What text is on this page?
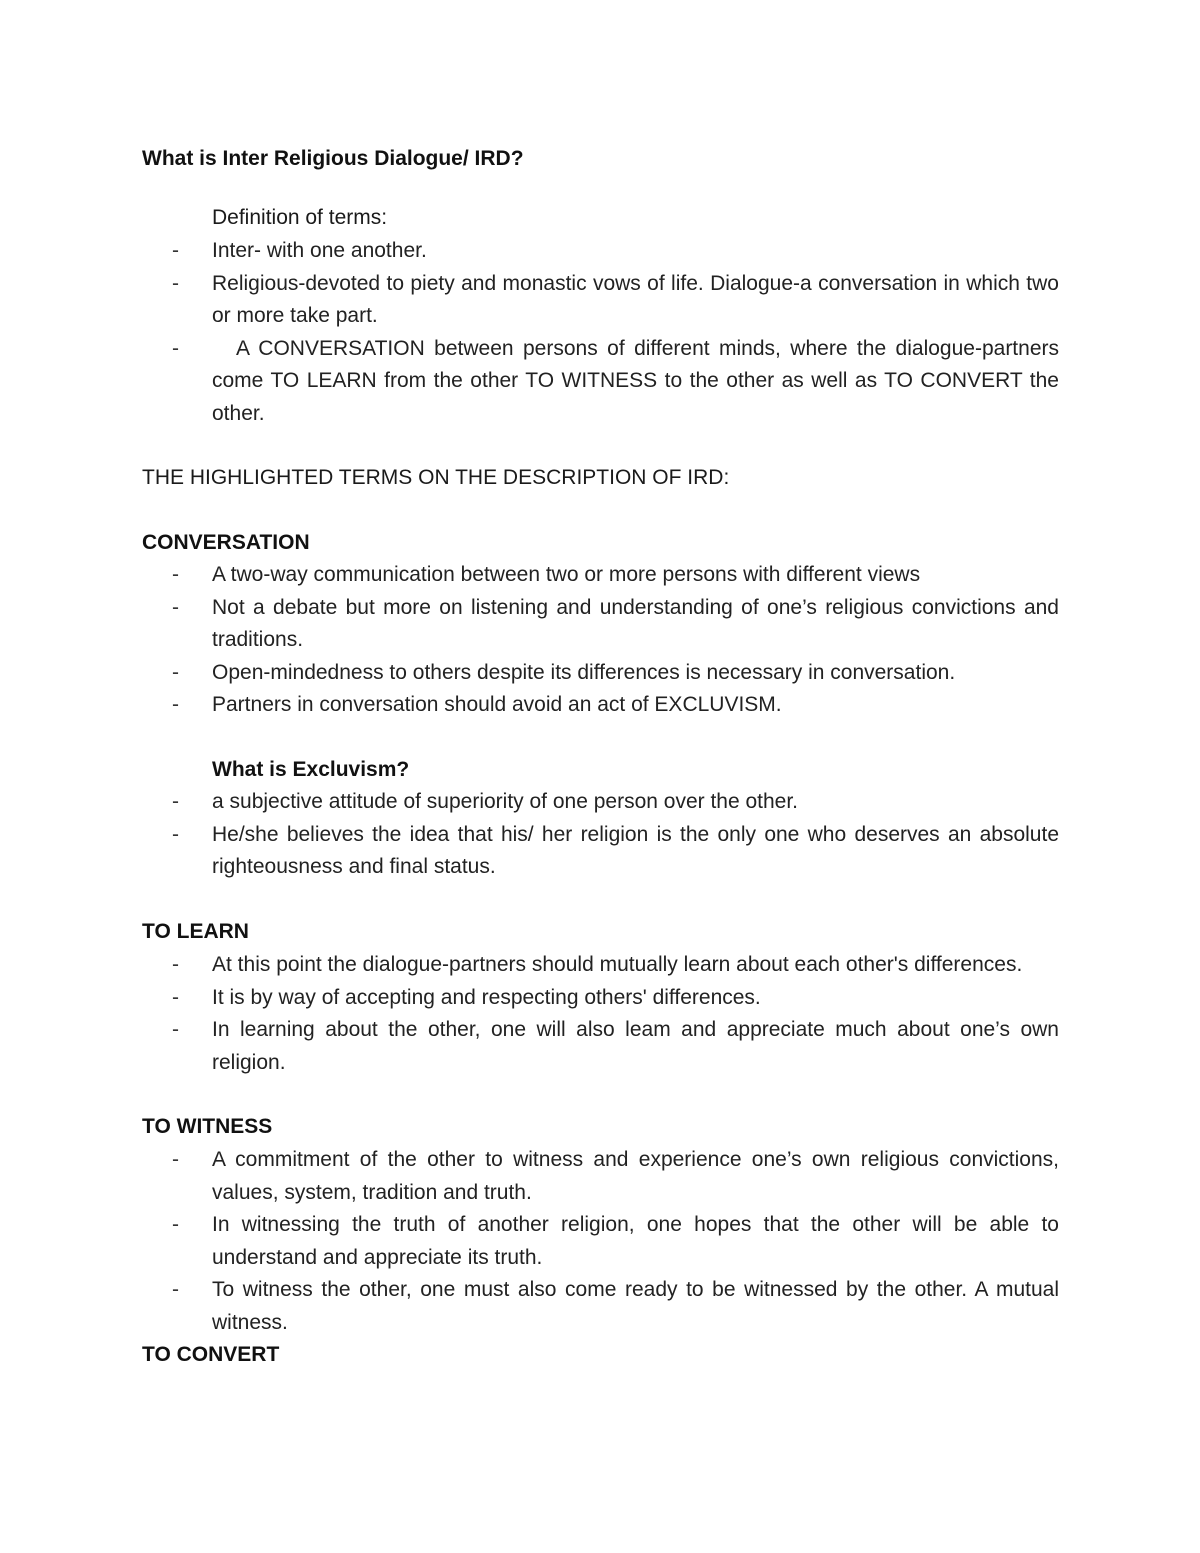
What is Inter Religious Dialogue/ IRD?

Definition of terms:

- Inter- with one another.
- Religious-devoted to piety and monastic vows of life. Dialogue-a conversation in which two or more take part.
-	A CONVERSATION between persons of different minds, where the dialogue-partners come TO LEARN from the other TO WITNESS to the other as well as TO CONVERT the other.

THE HIGHLIGHTED TERMS ON THE DESCRIPTION OF IRD:

CONVERSATION
- A two-way communication between two or more persons with different views
- Not a debate but more on listening and understanding of one’s religious convictions and traditions.
- Open-mindedness to others despite its differences is necessary in conversation.
- Partners in conversation should avoid an act of EXCLUVISM.
What is Excluvism?
- a subjective attitude of superiority of one person over the other.
- He/she believes the idea that his/ her religion is the only one who deserves an absolute righteousness and final status.
TO LEARN
- At this point the dialogue-partners should mutually learn about each other's differences.
- It is by way of accepting and respecting others' differences.
- In learning about the other, one will also leam and appreciate much about one’s own religion.
TO WITNESS
- A commitment of the other to witness and experience one’s own religious convictions, values, system, tradition and truth.
- In witnessing the truth of another religion, one hopes that the other will be able to understand and appreciate its truth.
- To witness the other, one must also come ready to be witnessed by the other. A mutual witness.
TO CONVERT
